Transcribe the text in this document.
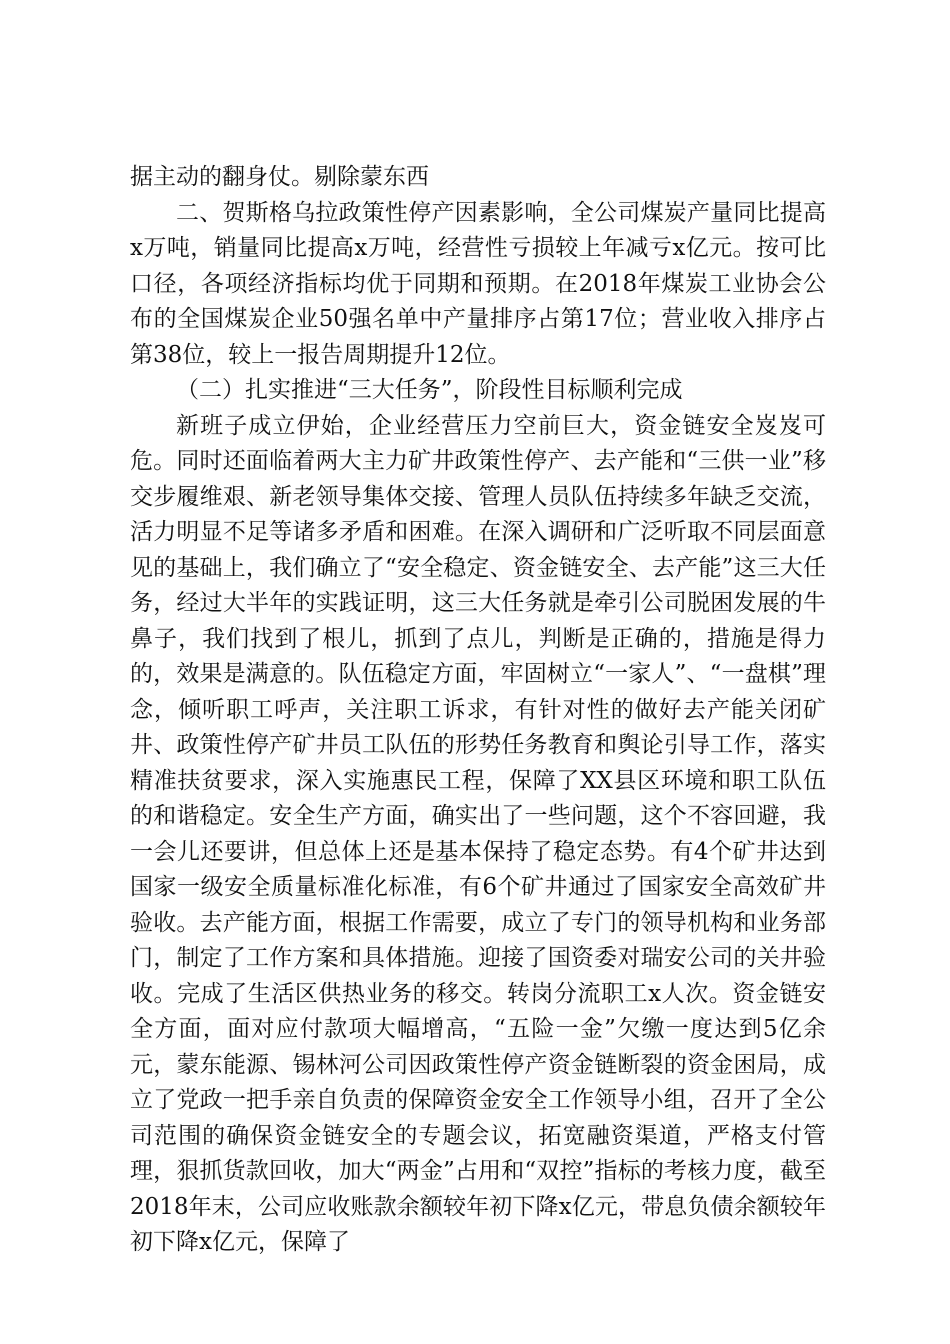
据主动的翻身仗。剔除蒙东西

二、贺斯格乌拉政策性停产因素影响，全公司煤炭产量同比提高x万吨，销量同比提高x万吨，经营性亏损较上年减亏x亿元。按可比口径，各项经济指标均优于同期和预期。在2018年煤炭工业协会公布的全国煤炭企业50强名单中产量排序占第17位；营业收入排序占第38位，较上一报告周期提升12位。

（二）扎实推进“三大任务”，阶段性目标顺利完成

新班子成立伊始，企业经营压力空前巨大，资金链安全岌岌可危。同时还面临着两大主力矿井政策性停产、去产能和“三供一业”移交步履维艰、新老领导集体交接、管理人员队伍持续多年缺乏交流，活力明显不足等诸多矛盾和困难。在深入调研和广泛听取不同层面意见的基础上，我们确立了“安全稳定、资金链安全、去产能”这三大任务，经过大半年的实践证明，这三大任务就是牵引公司脱困发展的牛鼻子，我们找到了根儿，抓到了点儿，判断是正确的，措施是得力的，效果是满意的。队伍稳定方面，牢固树立“一家人”、“一盘棋”理念，倾听职工呼声，关注职工诉求，有针对性的做好去产能关闭矿井、政策性停产矿井员工队伍的形势任务教育和舆论引导工作，落实精准扶贫要求，深入实施惠民工程，保障了XX县区环境和职工队伍的和谐稳定。安全生产方面，确实出了一些问题，这个不容回避，我一会儿还要讲，但总体上还是基本保持了稳定态势。有4个矿井达到国家一级安全质量标准化标准，有6个矿井通过了国家安全高效矿井验收。去产能方面，根据工作需要，成立了专门的领导机构和业务部门，制定了工作方案和具体措施。迎接了国资委对瑞安公司的关井验收。完成了生活区供热业务的移交。转岗分流职工x人次。资金链安全方面，面对应付款项大幅增高，“五险一金”欠缴一度达到5亿余元，蒙东能源、锡林河公司因政策性停产资金链断裂的资金困局，成立了党政一把手亲自负责的保障资金安全工作领导小组，召开了全公司范围的确保资金链安全的专题会议，拓宽融资渠道，严格支付管理，狠抓货款回收，加大“两金”占用和“双控”指标的考核力度，截至2018年末，公司应收账款余额较年初下降x亿元，带息负债余额较年初下降x亿元，保障了
